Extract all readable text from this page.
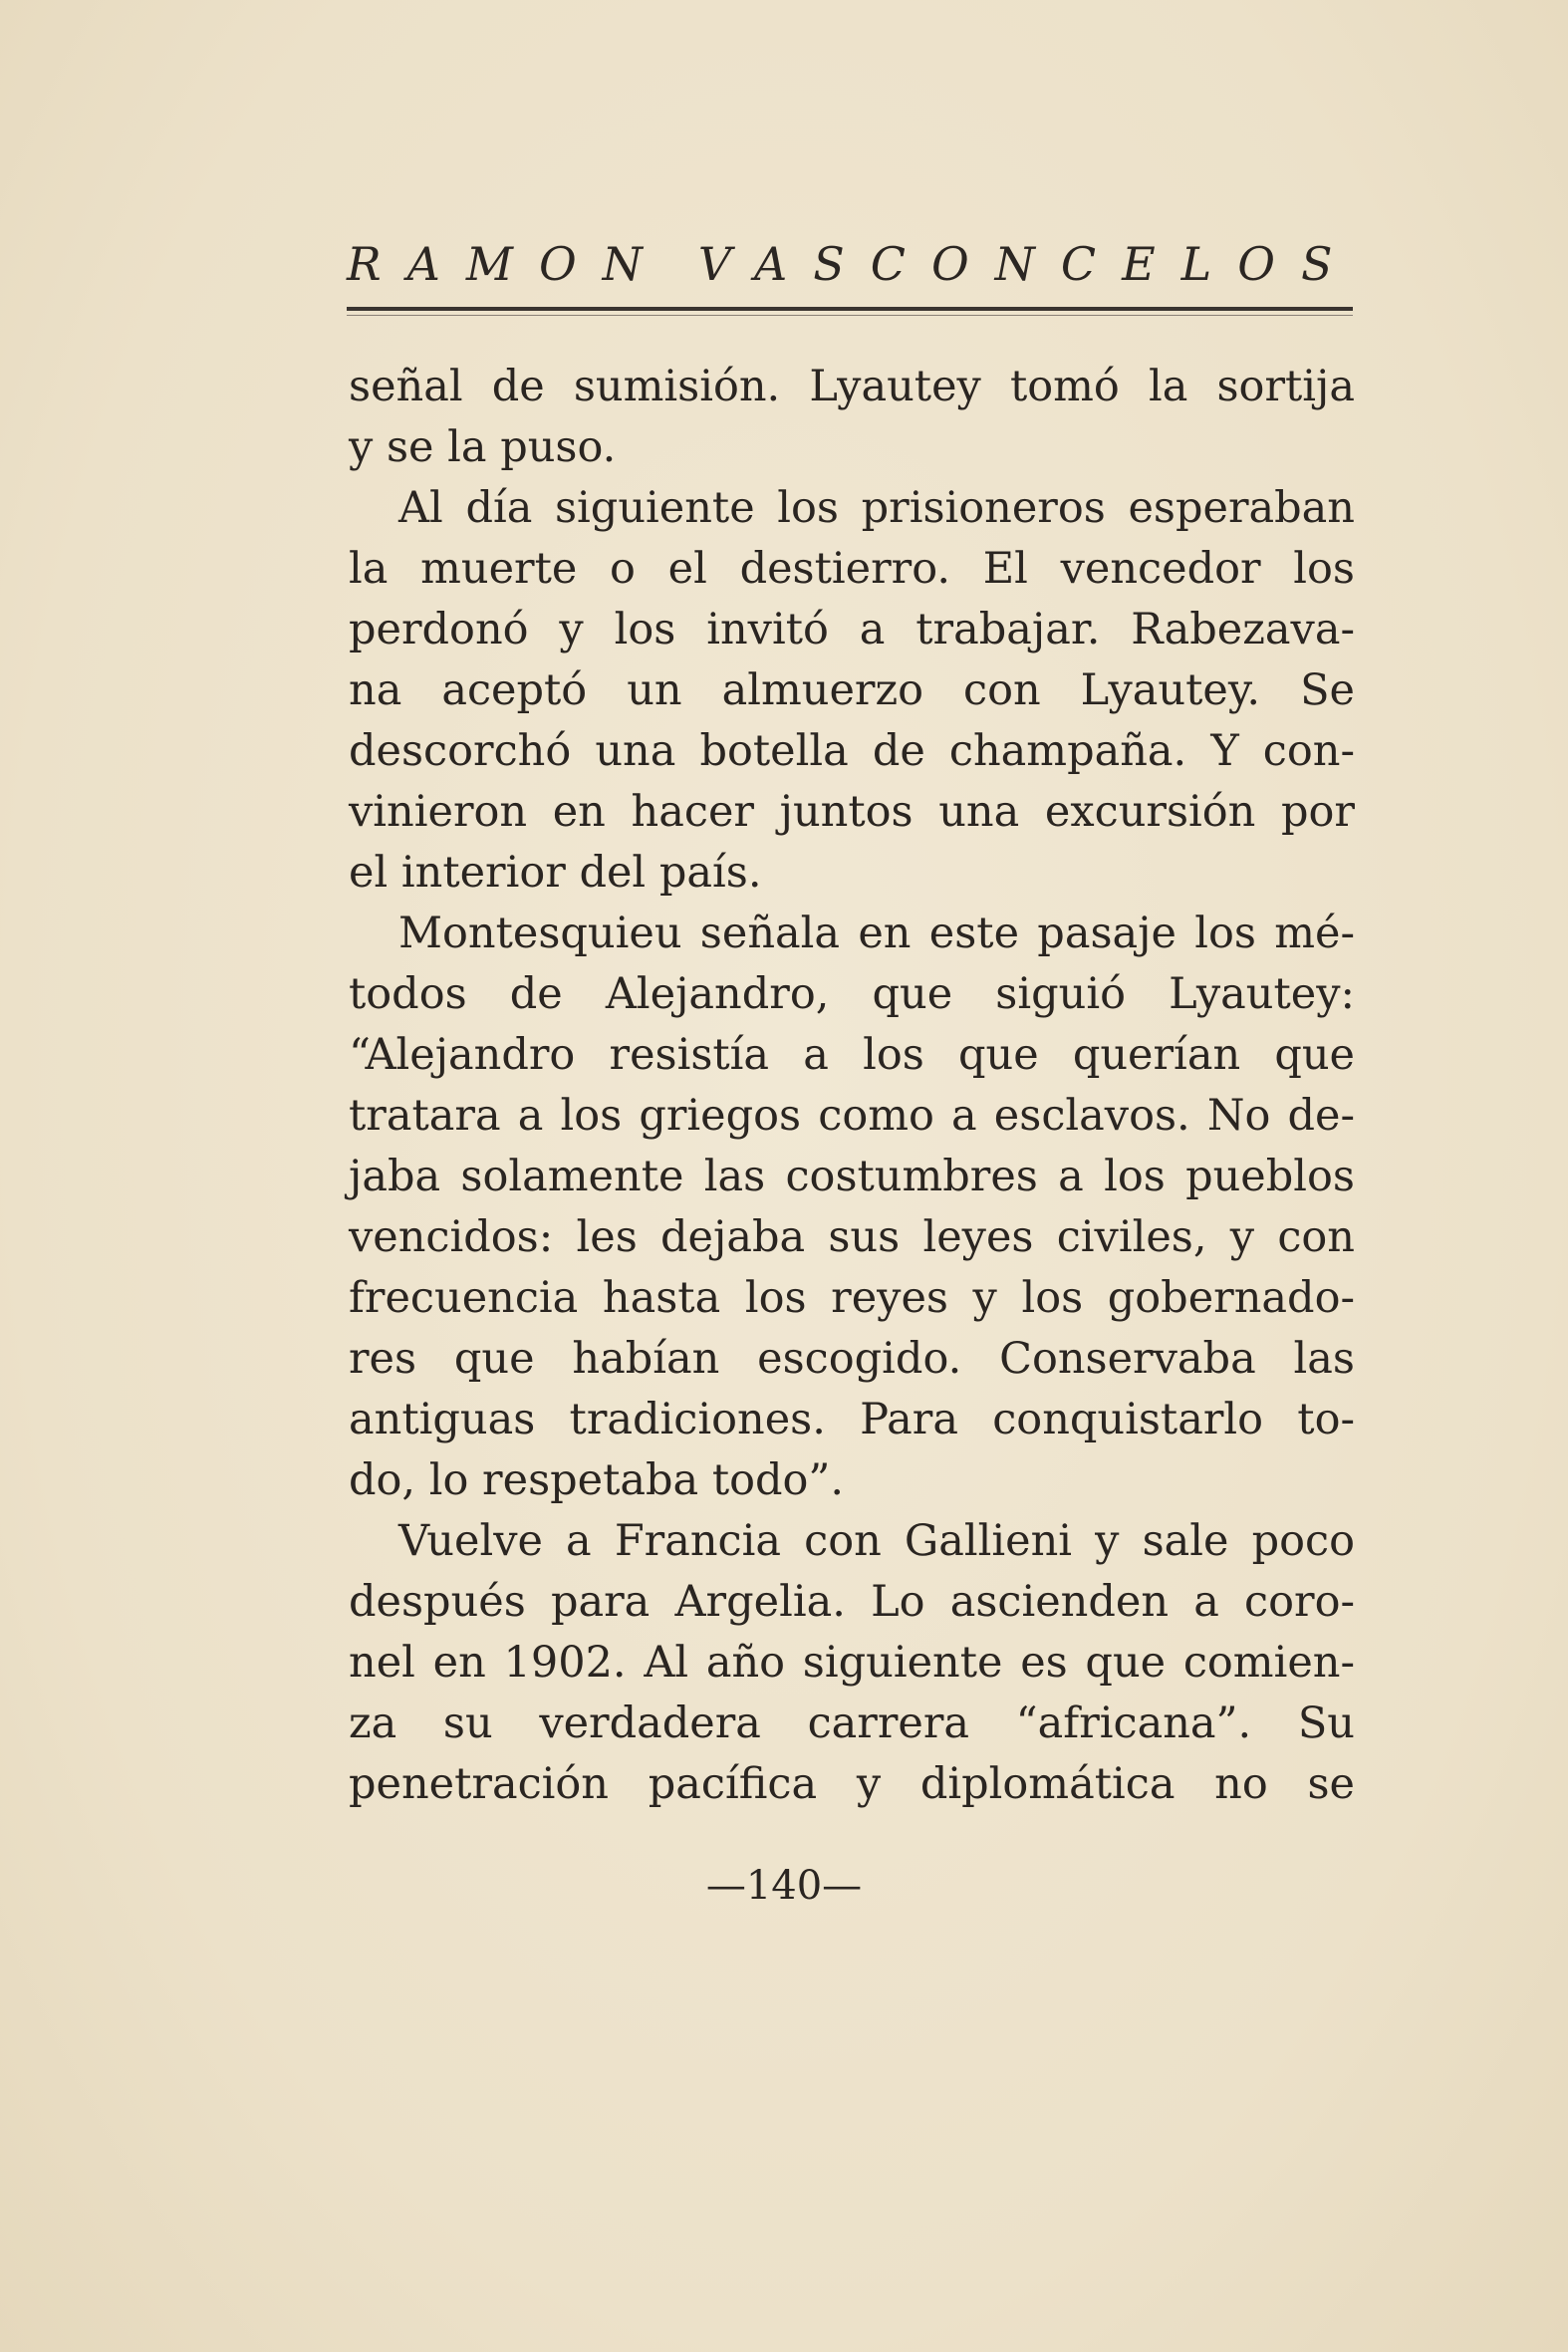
RAMON VASCONCELOS
señal de sumisión. Lyautey tomó la sortija
y se la puso.
Al día siguiente los prisioneros esperaban
la muerte o el destierro. El vencedor los
perdonó y los invitó a trabajar. Rabezava-
na aceptó un almuerzo con Lyautey. Se
descorchó una botella de champaña. Y con-
vinieron en hacer juntos una excursión por
el interior del país.
Montesquieu señala en este pasaje los mé-
todos de Alejandro, que siguió Lyautey:
“Alejandro resistía a los que querían que
tratara a los griegos como a esclavos. No de-
jaba solamente las costumbres a los pueblos
vencidos: les dejaba sus leyes civiles, y con
frecuencia hasta los reyes y los gobernado-
res que habían escogido. Conservaba las
antiguas tradiciones. Para conquistarlo to-
do, lo respetaba todo”.
Vuelve a Francia con Gallieni y sale poco
después para Argelia. Lo ascienden a coro-
nel en 1902. Al año siguiente es que comien-
za su verdadera carrera “africana”. Su
penetración pacífica y diplomática no se
—140—
